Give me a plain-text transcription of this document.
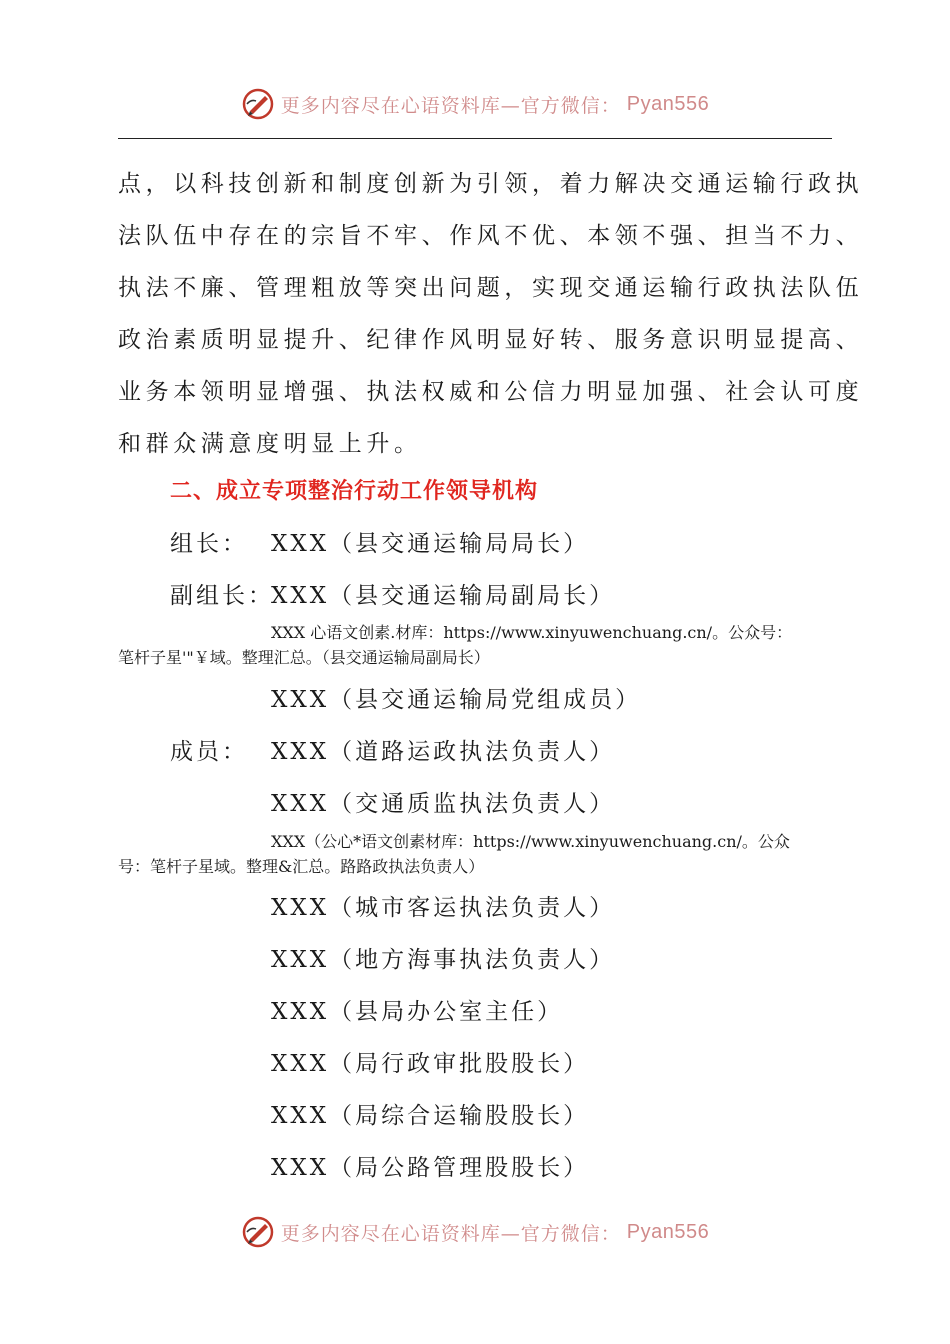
更多内容尽在心语资料库—官方微信： Pyan556
点，以科技创新和制度创新为引领，着力解决交通运输行政执
法队伍中存在的宗旨不牢、作风不优、本领不强、担当不力、
执法不廉、管理粗放等突出问题，实现交通运输行政执法队伍
政治素质明显提升、纪律作风明显好转、服务意识明显提高、
业务本领明显增强、执法权威和公信力明显加强、社会认可度
和群众满意度明显上升。
二、成立专项整治行动工作领导机构
组长： XXX（县交通运输局局长）
副组长：
XXX（县交通运输局副局长）
XXX 心语文创素.材库：https://www.xinyuwenchuang.cn/。公众号：
笔杆子星'"￥域。整理汇总。（县交通运输局副局长）
XXX（县交通运输局党组成员）
成员： XXX（道路运政执法负责人）
XXX（交通质监执法负责人）
XXX（公心*语文创素材库：https://www.xinyuwenchuang.cn/。公众
号：笔杆子星域。整理&汇总。路路政执法负责人）
XXX（城市客运执法负责人）
XXX（地方海事执法负责人）
XXX（县局办公室主任）
XXX（局行政审批股股长）
XXX（局综合运输股股长）
XXX（局公路管理股股长）
更多内容尽在心语资料库—官方微信： Pyan556
